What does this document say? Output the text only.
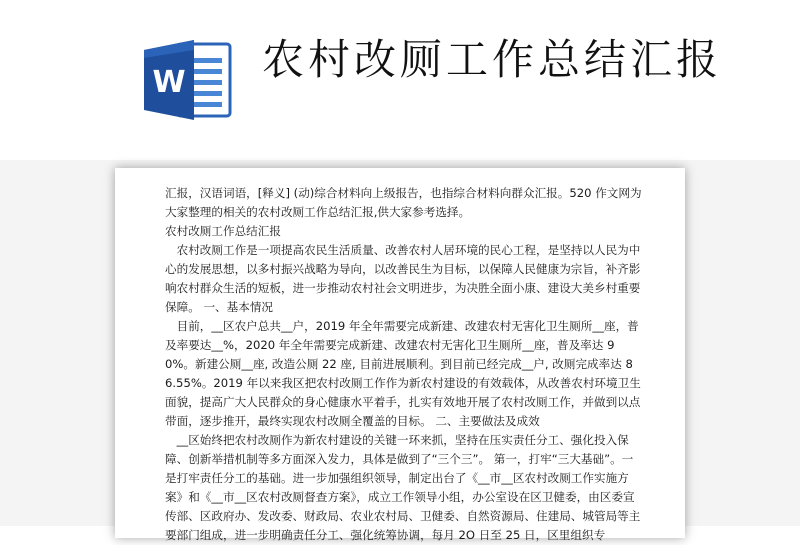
W 农村改厕工作总结汇报

汇报，汉语词语，[释义] (动)综合材料向上级报告，也指综合材料向群众汇报。520 作文网为大家整理的相关的农村改厕工作总结汇报,供大家参考选择。

农村改厕工作总结汇报

农村改厕工作是一项提高农民生活质量、改善农村人居环境的民心工程，是坚持以人民为中心的发展思想，以多村振兴战略为导向，以改善民生为目标，以保障人民健康为宗旨，补齐影响农村群众生活的短板，进一步推动农村社会文明进步，为决胜全面小康、建设大美乡村重要保障。 一、基本情况

目前，__区农户总共__户，2019 年全年需要完成新建、改建农村无害化卫生厕所__座，普及率要达__%，2020 年全年需要完成新建、改建农村无害化卫生厕所__座，普及率达 90%。新建公厕__座, 改造公厕 22 座, 目前进展顺利。到目前已经完成__户, 改厕完成率达 86.55%。2019 年以来我区把农村改厕工作作为新农村建设的有效载体，从改善农村环境卫生面貌，提高广大人民群众的身心健康水平着手，扎实有效地开展了农村改厕工作，并做到以点带面，逐步推开，最终实现农村改厕全覆盖的目标。 二、主要做法及成效

__区始终把农村改厕作为新农村建设的关键一环来抓，坚持在压实责任分工、强化投入保障、创新举措机制等多方面深入发力，具体是做到了“三个三”。 第一，打牢“三大基础”。一是打牢责任分工的基础。进一步加强组织领导，制定出台了《__市__区农村改厕工作实施方案》和《__市__区农村改厕督查方案》，成立工作领导小组，办公室设在区卫健委，由区委宣传部、区政府办、发改委、财政局、农业农村局、卫健委、自然资源局、住建局、城管局等主要部门组成，进一步明确责任分工、强化统筹协调，每月 2O 日至 25 日，区里组织专
